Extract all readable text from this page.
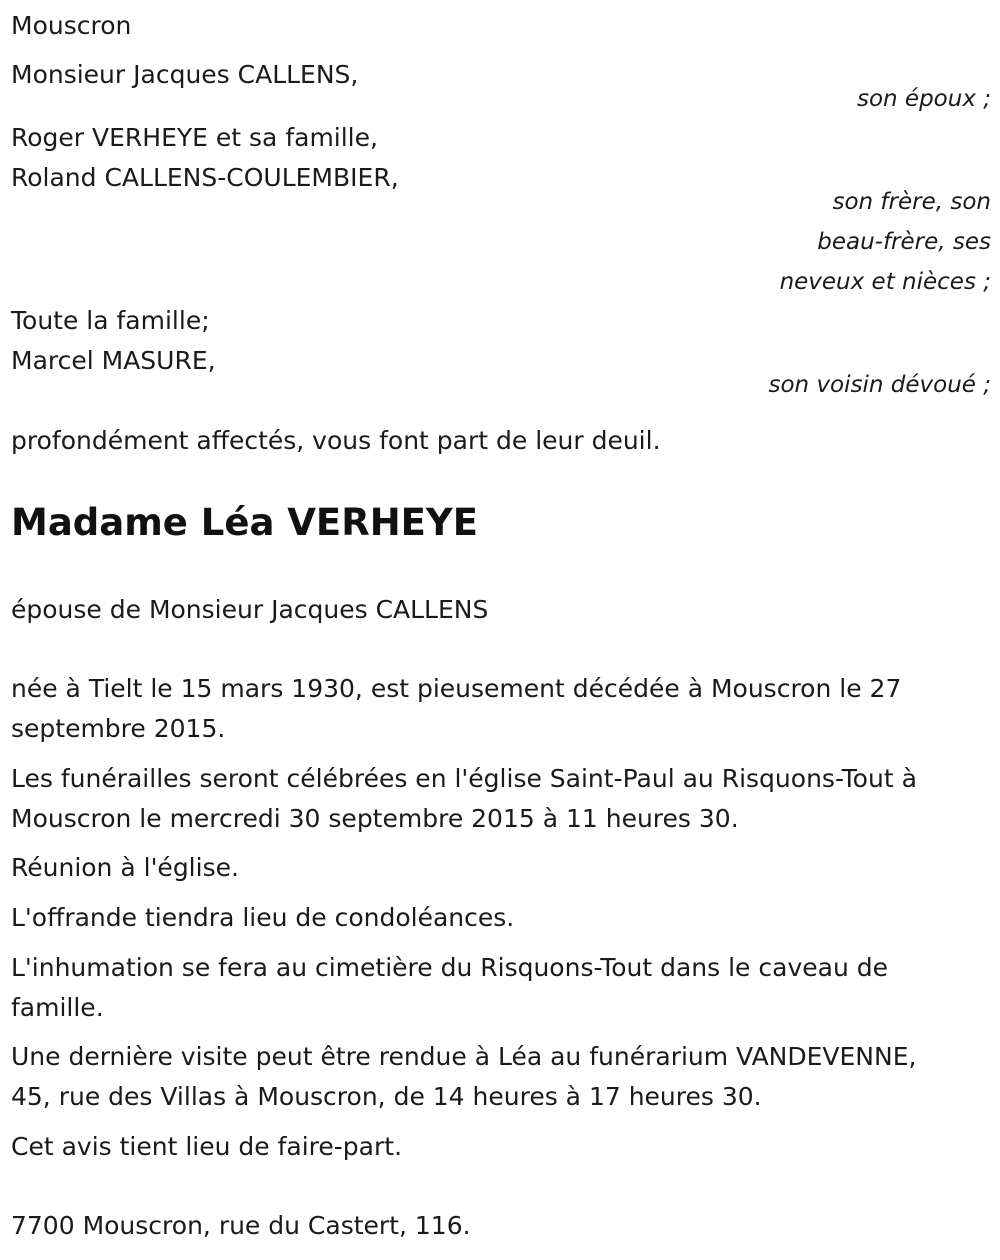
Mouscron
Monsieur Jacques CALLENS,
son époux ;
Roger VERHEYE et sa famille,
Roland CALLENS-COULEMBIER,
son frère, son
beau-frère, ses
neveux et nièces ;
Toute la famille;
Marcel MASURE,
son voisin dévoué ;
profondément affectés, vous font part de leur deuil.
Madame Léa VERHEYE
épouse de Monsieur Jacques CALLENS
née à Tielt le 15 mars 1930, est pieusement décédée à Mouscron le 27
septembre 2015.
Les funérailles seront célébrées en l'église Saint-Paul au Risquons-Tout à
Mouscron le mercredi 30 septembre 2015 à 11 heures 30.
Réunion à l'église.
L'offrande tiendra lieu de condoléances.
L'inhumation se fera au cimetière du Risquons-Tout dans le caveau de
famille.
Une dernière visite peut être rendue à Léa au funérarium VANDEVENNE,
45, rue des Villas à Mouscron, de 14 heures à 17 heures 30.
Cet avis tient lieu de faire-part.
7700 Mouscron, rue du Castert, 116.
